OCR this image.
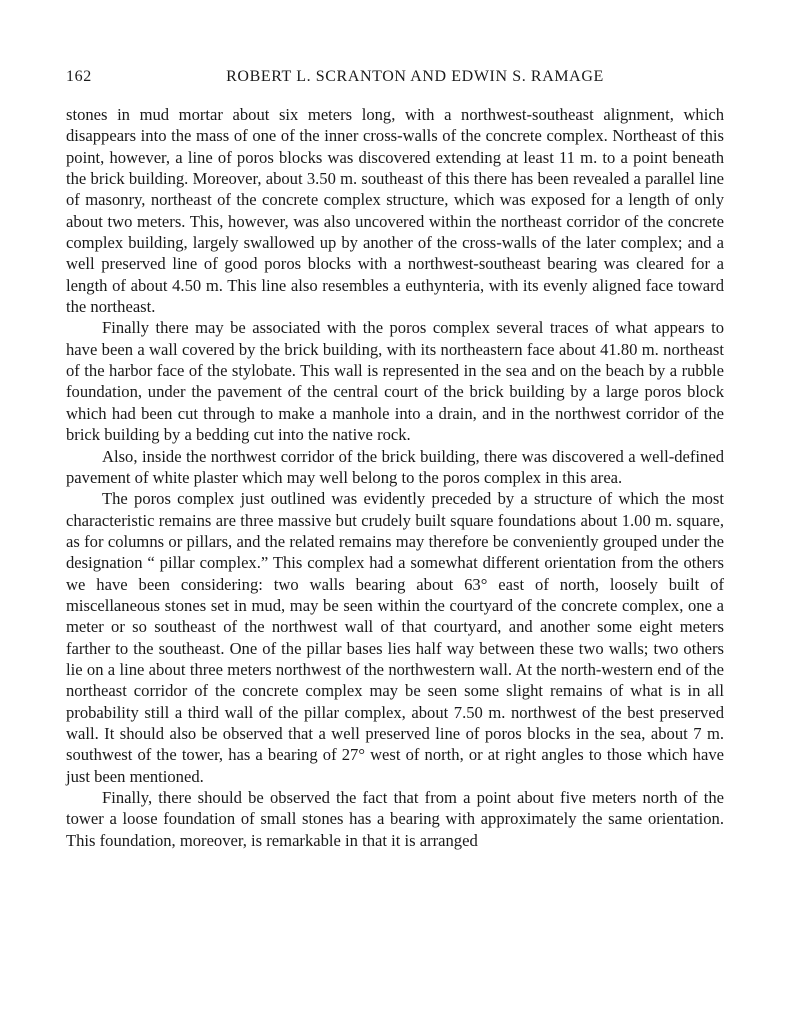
162	ROBERT L. SCRANTON AND EDWIN S. RAMAGE

stones in mud mortar about six meters long, with a northwest-southeast alignment, which disappears into the mass of one of the inner cross-walls of the concrete complex. Northeast of this point, however, a line of poros blocks was discovered extending at least 11 m. to a point beneath the brick building. Moreover, about 3.50 m. southeast of this there has been revealed a parallel line of masonry, northeast of the concrete complex structure, which was exposed for a length of only about two meters. This, however, was also uncovered within the northeast corridor of the concrete complex building, largely swallowed up by another of the cross-walls of the later complex; and a well preserved line of good poros blocks with a northwest-southeast bearing was cleared for a length of about 4.50 m. This line also resembles a euthynteria, with its evenly aligned face toward the northeast.

Finally there may be associated with the poros complex several traces of what appears to have been a wall covered by the brick building, with its northeastern face about 41.80 m. northeast of the harbor face of the stylobate. This wall is represented in the sea and on the beach by a rubble foundation, under the pavement of the central court of the brick building by a large poros block which had been cut through to make a manhole into a drain, and in the northwest corridor of the brick building by a bedding cut into the native rock.

Also, inside the northwest corridor of the brick building, there was discovered a well-defined pavement of white plaster which may well belong to the poros complex in this area.

The poros complex just outlined was evidently preceded by a structure of which the most characteristic remains are three massive but crudely built square foundations about 1.00 m. square, as for columns or pillars, and the related remains may therefore be conveniently grouped under the designation “ pillar complex.” This complex had a somewhat different orientation from the others we have been considering: two walls bearing about 63° east of north, loosely built of miscellaneous stones set in mud, may be seen within the courtyard of the concrete complex, one a meter or so southeast of the northwest wall of that courtyard, and another some eight meters farther to the southeast. One of the pillar bases lies half way between these two walls; two others lie on a line about three meters northwest of the northwestern wall. At the north-western end of the northeast corridor of the concrete complex may be seen some slight remains of what is in all probability still a third wall of the pillar complex, about 7.50 m. northwest of the best preserved wall. It should also be observed that a well preserved line of poros blocks in the sea, about 7 m. southwest of the tower, has a bearing of 27° west of north, or at right angles to those which have just been mentioned.

Finally, there should be observed the fact that from a point about five meters north of the tower a loose foundation of small stones has a bearing with approximately the same orientation. This foundation, moreover, is remarkable in that it is arranged
